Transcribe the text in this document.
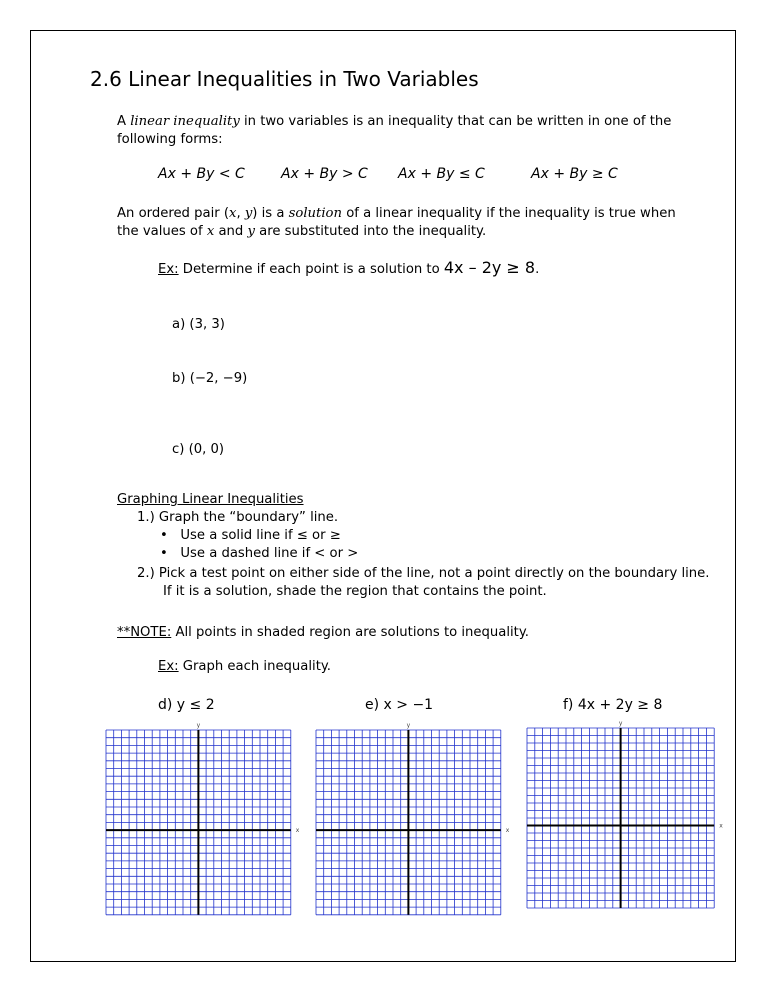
2.6 Linear Inequalities in Two Variables
A linear inequality in two variables is an inequality that can be written in one of the
following forms:
Ax + By < C	Ax + By > C Ax + By ≤ C	Ax + By ≥ C
An ordered pair (x, y) is a solution of a linear inequality if the inequality is true when
the values of x and y are substituted into the inequality.
Ex: Determine if each point is a solution to 4x – 2y ≥ 8.
a) (3, 3)
b) (−2, −9)
c) (0, 0)
Graphing Linear Inequalities
1.) Graph the “boundary” line.
•   Use a solid line if ≤ or ≥
•   Use a dashed line if < or >
2.) Pick a test point on either side of the line, not a point directly on the boundary line.
If it is a solution, shade the region that contains the point.
**NOTE: All points in shaded region are solutions to inequality.
Ex: Graph each inequality.
d) y ≤ 2	e) x > −1	f) 4x + 2y ≥ 8
y
x
y
x
y
x
